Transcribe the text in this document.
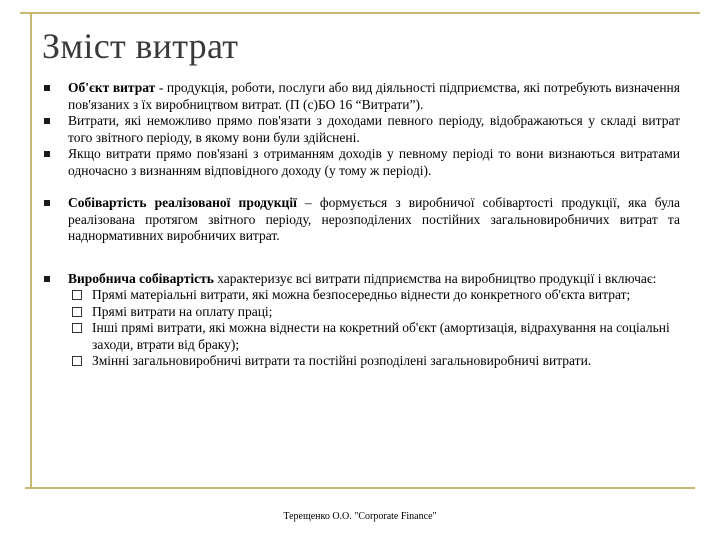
Зміст витрат
Об'єкт витрат - продукція, роботи, послуги або вид діяльності підприємства, які потребують визначення пов'язаних з їх виробництвом витрат. (П (с)БО 16 “Витрати”).
Витрати, які неможливо прямо пов'язати з доходами певного періоду, відображаються у складі витрат того звітного періоду, в якому вони були здійснені.
Якщо витрати прямо пов'язані з отриманням доходів у певному періоді то вони визнаються витратами одночасно з визнанням відповідного доходу (у тому ж періоді).
Собівартість реалізованої продукції – формується з виробничої собівартості продукції, яка була реалізована протягом звітного періоду, нерозподілених постійних загальновиробничих витрат та наднормативних виробничих витрат.
Виробнича собівартість характеризує всі витрати підприємства на виробництво продукції і включає:
Прямі матеріальні витрати, які можна безпосередньо віднести до конкретного об'єкта витрат;
Прямі витрати на оплату праці;
Інші прямі витрати, які можна віднести на кокретний об'єкт (амортизація, відрахування на соціальні заходи, втрати від браку);
Змінні загальновиробничі витрати та постійні розподілені загальновиробничі витрати.
Терещенко О.О. "Corporate Finance"
